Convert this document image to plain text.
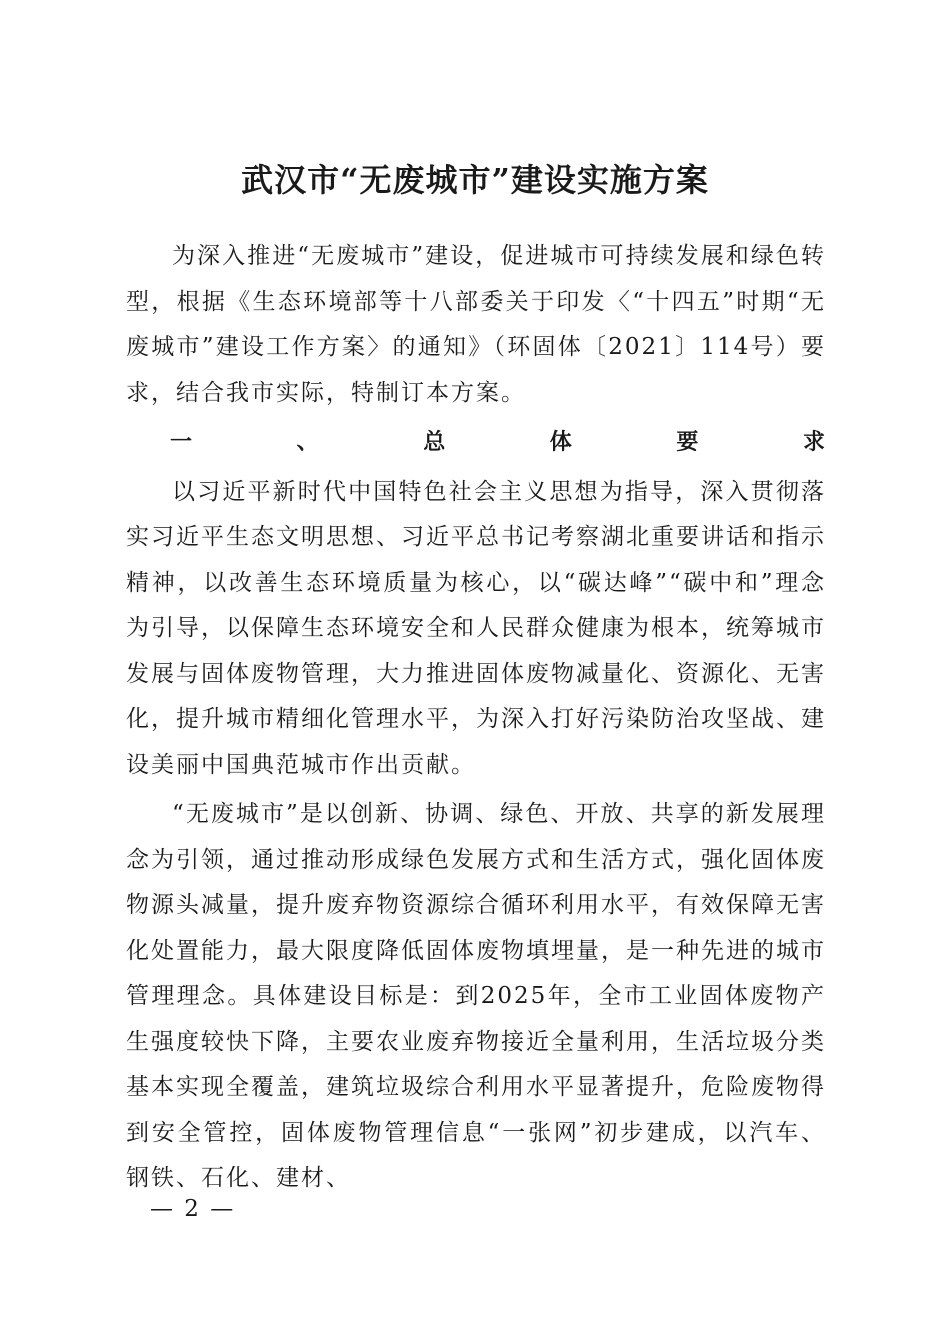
武汉市“无废城市”建设实施方案

为深入推进“无废城市”建设，促进城市可持续发展和绿色转型，根据《生态环境部等十八部委关于印发〈“十四五”时期“无废城市”建设工作方案〉的通知》（环固体〔2021〕114号）要求，结合我市实际，特制订本方案。

一、总体要求

以习近平新时代中国特色社会主义思想为指导，深入贯彻落实习近平生态文明思想、习近平总书记考察湖北重要讲话和指示精神，以改善生态环境质量为核心，以“碳达峰”“碳中和”理念为引导，以保障生态环境安全和人民群众健康为根本，统筹城市发展与固体废物管理，大力推进固体废物减量化、资源化、无害化，提升城市精细化管理水平，为深入打好污染防治攻坚战、建设美丽中国典范城市作出贡献。

“无废城市”是以创新、协调、绿色、开放、共享的新发展理念为引领，通过推动形成绿色发展方式和生活方式，强化固体废物源头减量，提升废弃物资源综合循环利用水平，有效保障无害化处置能力，最大限度降低固体废物填埋量，是一种先进的城市管理理念。具体建设目标是：到2025年，全市工业固体废物产生强度较快下降，主要农业废弃物接近全量利用，生活垃圾分类基本实现全覆盖，建筑垃圾综合利用水平显著提升，危险废物得到安全管控，固体废物管理信息“一张网”初步建成，以汽车、钢铁、石化、建材、

— 2 —
